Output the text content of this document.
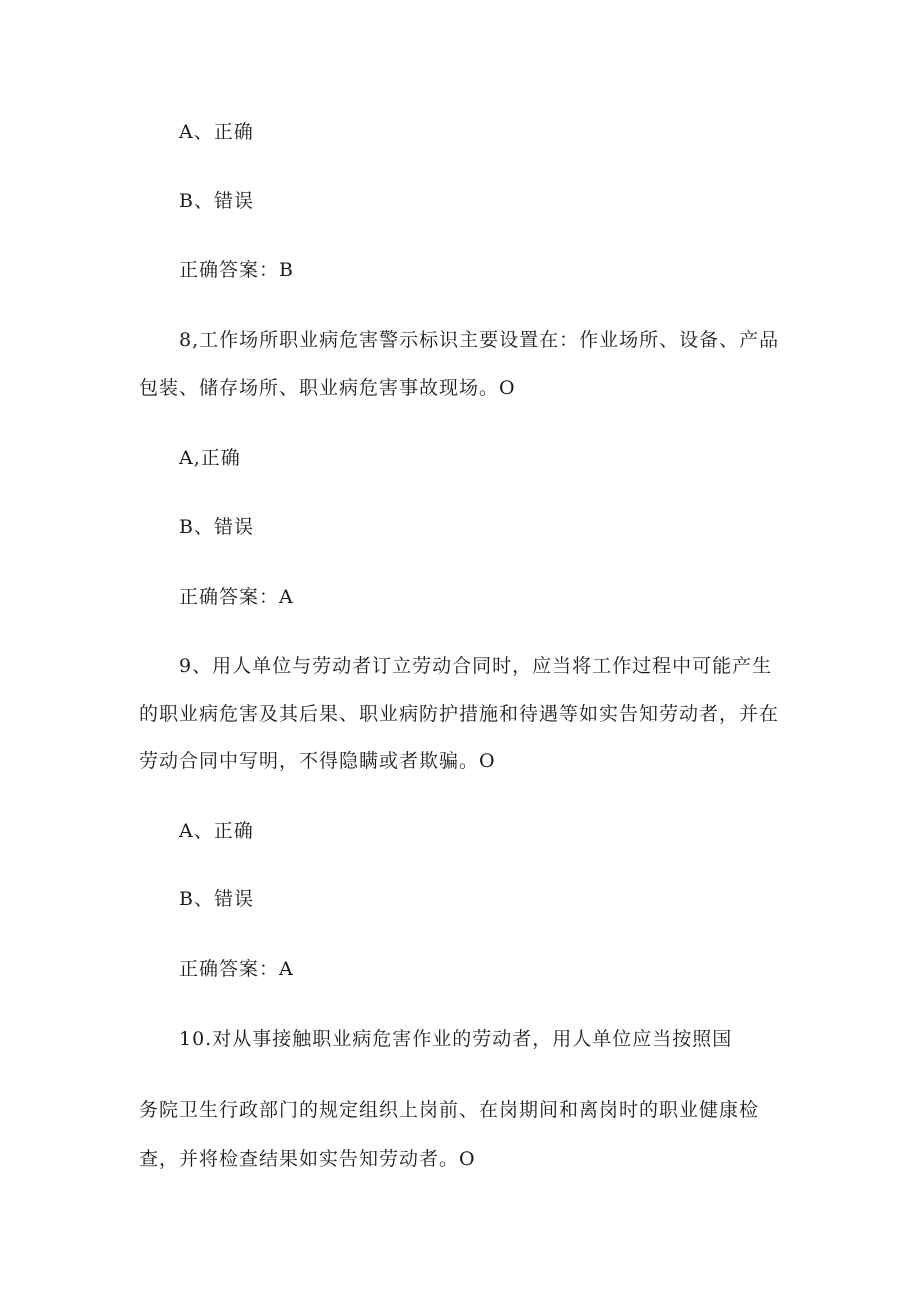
A、正确
B、错误
正确答案：B
8,工作场所职业病危害警示标识主要设置在：作业场所、设备、产品
包装、储存场所、职业病危害事故现场。O
A,正确
B、错误
正确答案：A
9、用人单位与劳动者订立劳动合同时，应当将工作过程中可能产生
的职业病危害及其后果、职业病防护措施和待遇等如实告知劳动者，并在
劳动合同中写明，不得隐瞒或者欺骗。O
A、正确
B、错误
正确答案：A
10.对从事接触职业病危害作业的劳动者，用人单位应当按照国
务院卫生行政部门的规定组织上岗前、在岗期间和离岗时的职业健康检
查，并将检查结果如实告知劳动者。O
